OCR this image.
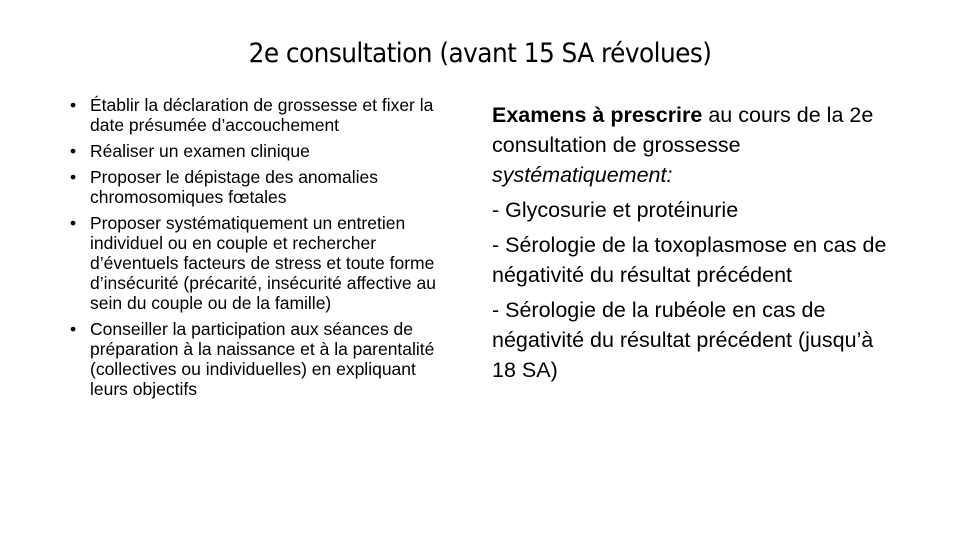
2e consultation (avant 15 SA révolues)
• Établir la déclaration de grossesse et fixer la date présumée d’accouchement
• Réaliser un examen clinique
• Proposer le dépistage des anomalies chromosomiques fœtales
• Proposer systématiquement un entretien individuel ou en couple et rechercher d’éventuels facteurs de stress et toute forme d’insécurité (précarité, insécurité affective au sein du couple ou de la famille)
• Conseiller la participation aux séances de préparation à la naissance et à la parentalité (collectives ou individuelles) en expliquant leurs objectifs

Examens à prescrire au cours de la 2e consultation de grossesse systématiquement:

- Glycosurie et protéinurie

- Sérologie de la toxoplasmose en cas de négativité du résultat précédent

- Sérologie de la rubéole en cas de négativité du résultat précédent (jusqu’à 18 SA)
